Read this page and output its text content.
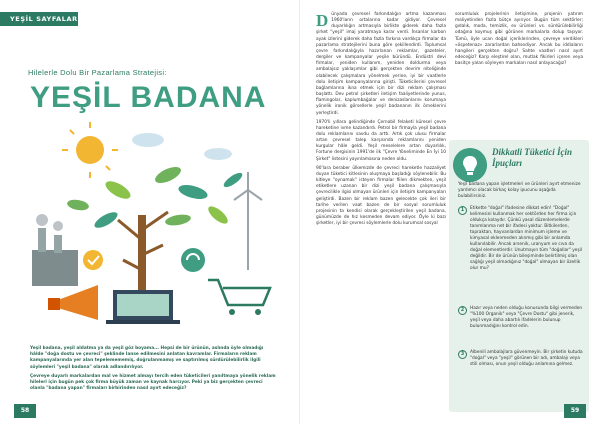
YEŞİL SAYFALAR
Hilelerle Dolu Bir Pazarlama Stratejisi:
YEŞİL BADANA

Yeşil badana, yeşil aldatma ya da yeşil göz boyama... Hepsi de bir ürünün, aslında öyle olmadığı hâlde "doğa dostu ve çevreci" şeklinde lanse edilmesini anlatan kavramlar. Firmaların reklam kampanyalarında yer alan tepelemememiş, doğrulanmamış ve saptırılmış sürdürülebilirlik ilgili söylemleri "yeşil badana" olarak adlandırılıyor.

Çevreye duyarlı markalardan mal ve hizmet almayı tercih eden tüketicileri yanıltmaya yönelik reklam hileleri için bugün pek çok firma büyük zaman ve kaynak harcıyor. Peki ya biz gerçekten çevreci olanla "badana yapan" firmaları birbirinden nasıl ayırt edeceğiz?

58

Dünyada çevresel farkındalığın artma kazanması 1960'ların ortalarına kadar gidiyor. Çevresel duyarlılığın artmasıyla birlikte giderek daha fazla şirket "yeşil" imaj yaratmaya karar verdi. İnsanlar karbon ayak izlerini giderek daha fazla farkına vardıkça firmalar da pazarlama stratejilerini buna göre şekillendirdi. Toplumsal çevre farkındalığıyla hazırlanan reklamlar, gazeteler, dergiler ve kampanyalar yeşile büründü. Endüstri devi firmalar, yeniden kullanım, yeniden doldurma veya ambalajsız yaklaşımlar gibi gerçekten devrim niteliğinde olabilecek çalışmalara yönelmek yerine, iyi bir vaatlerle dolu iletişim kampanyalarına girişti. Tüketicilerini çevresel bağlamlarına ikna etmek için bir dizi reklam çalışması başlattı. Dev petrol şirketleri iletişim faaliyetlerinde yunus, flamingolar, kaplumbağalar ve denizaslanlarını korumaya yönelik ironik görsellerle yeşil badananın ilk örneklerini yerleştirdi.

1970'li yıllara gelindiğinde Çernobil felaketi küresel çevre hareketine ivme kazandırdı. Petrol bir firmayla yeşil badana dolu reklamlarını savdu da arttı. Artık çok ulusu firmalar artan çevresel talep karşısında reklamlarını yeniden kurgular hâle geldi. Yeşil meselelere artan duyarlılık, Fortune dergisinin 1991'de ilk "Çevre Yöneliminde En İyi 10 Şirket" listesini yayınlamasına neden oldu.

90'lara beraber ülkemizde de çevreci hareketle hazzaliyet duyan tüketici kitlesinin oluşmaya başladığı söylenebilir. Bu kitleye "oynamak" isteyen firmalar fiilen dikmekten, yeşil etiketlere uzanan bir dizi yeşil badana çalışmasıyla çevrecilikle ilgisi olmayan ürünleri için iletişim kampanyaları geliştirdi. Bazen bir reklam bazen gelecekte çok ileri bir tarihe verilen vaat bazen de bir sosyal sorumluluk projesinin ta kendisi olarak gerçekleştirilen yeşil badana, günümüzde de hız kesmeden devam ediyor. Öyle ki bazı şirketler, iyi bir çevresi söylemlerle dolu kurumsal sosyal

sorumluluk projelerinin iletişimine, projenin yatırım maliyetinden fazla bütçe ayırıyor. Bugün tüm sektörler; gıdalık, moda, temizlik, ev ürünleri vs. sürdürülebilirliği odağına koymuş gibi görünen markalarla dolup taşıyor. Tümü, öyle ucan doğal içeriklerinden, çevreye verdikleri «öspetenaz» zararlardan bahsediyor. Ancak bu iddiaların hangileri gerçekten doğru? Sahte vaatleri nasıl ayırt edeceğiz? Karşı eleştirel olan, mutlak fikirleri içeren veya basitçe yalan söyleyen markaları nasıl anlayacağız?

Dikkatli Tüketici İçin İpuçları
Yeşil badana yapan işletmeleri ve ürünleri ayırt etmenize yardımcı olacak birkaç kolay ipucunu aşağıda bulabilirsiniz.
1	Etikette "doğal" ifadesine dikkat edin! "Doğal" kelimesini kullanmak her sektörden her firma için oldukça kolaydır. Çünkü yasal düzenlemelerde tanımlanma net bir ifadesi yoktur. Bitkilerden, topraktan, hayvanlardan minimum işleme ve kimyasal eklenmeden alınmış gibi bir anlamda kullanılabilir. Ancak arsenik, uranyum ve cıva da doğal elementlerdir. Unutmayın tüm "doğallar" yeşil değildir. Bir de ürünün bileşiminde belirtilmiş olan sağlığı yeşil olmadığınız "doğal" olmayan bir özellik olur mu?
2	Hazır veya neden olduğu konusunda bilgi vermeden "%100 Organik" veya "Çevre Dostu" gibi jenerik, yeşil veya daha abartılı ifadelerin bulunup bulunmadığını kontrol edin.
3	Albenili ambalajlara güvenmeyin. Bir şirketin kutuda "doğal" veya "yeşil" görünen bir adı, ambalajı veya stili olması, onun yeşil olduğu anlamına gelmez.
59
